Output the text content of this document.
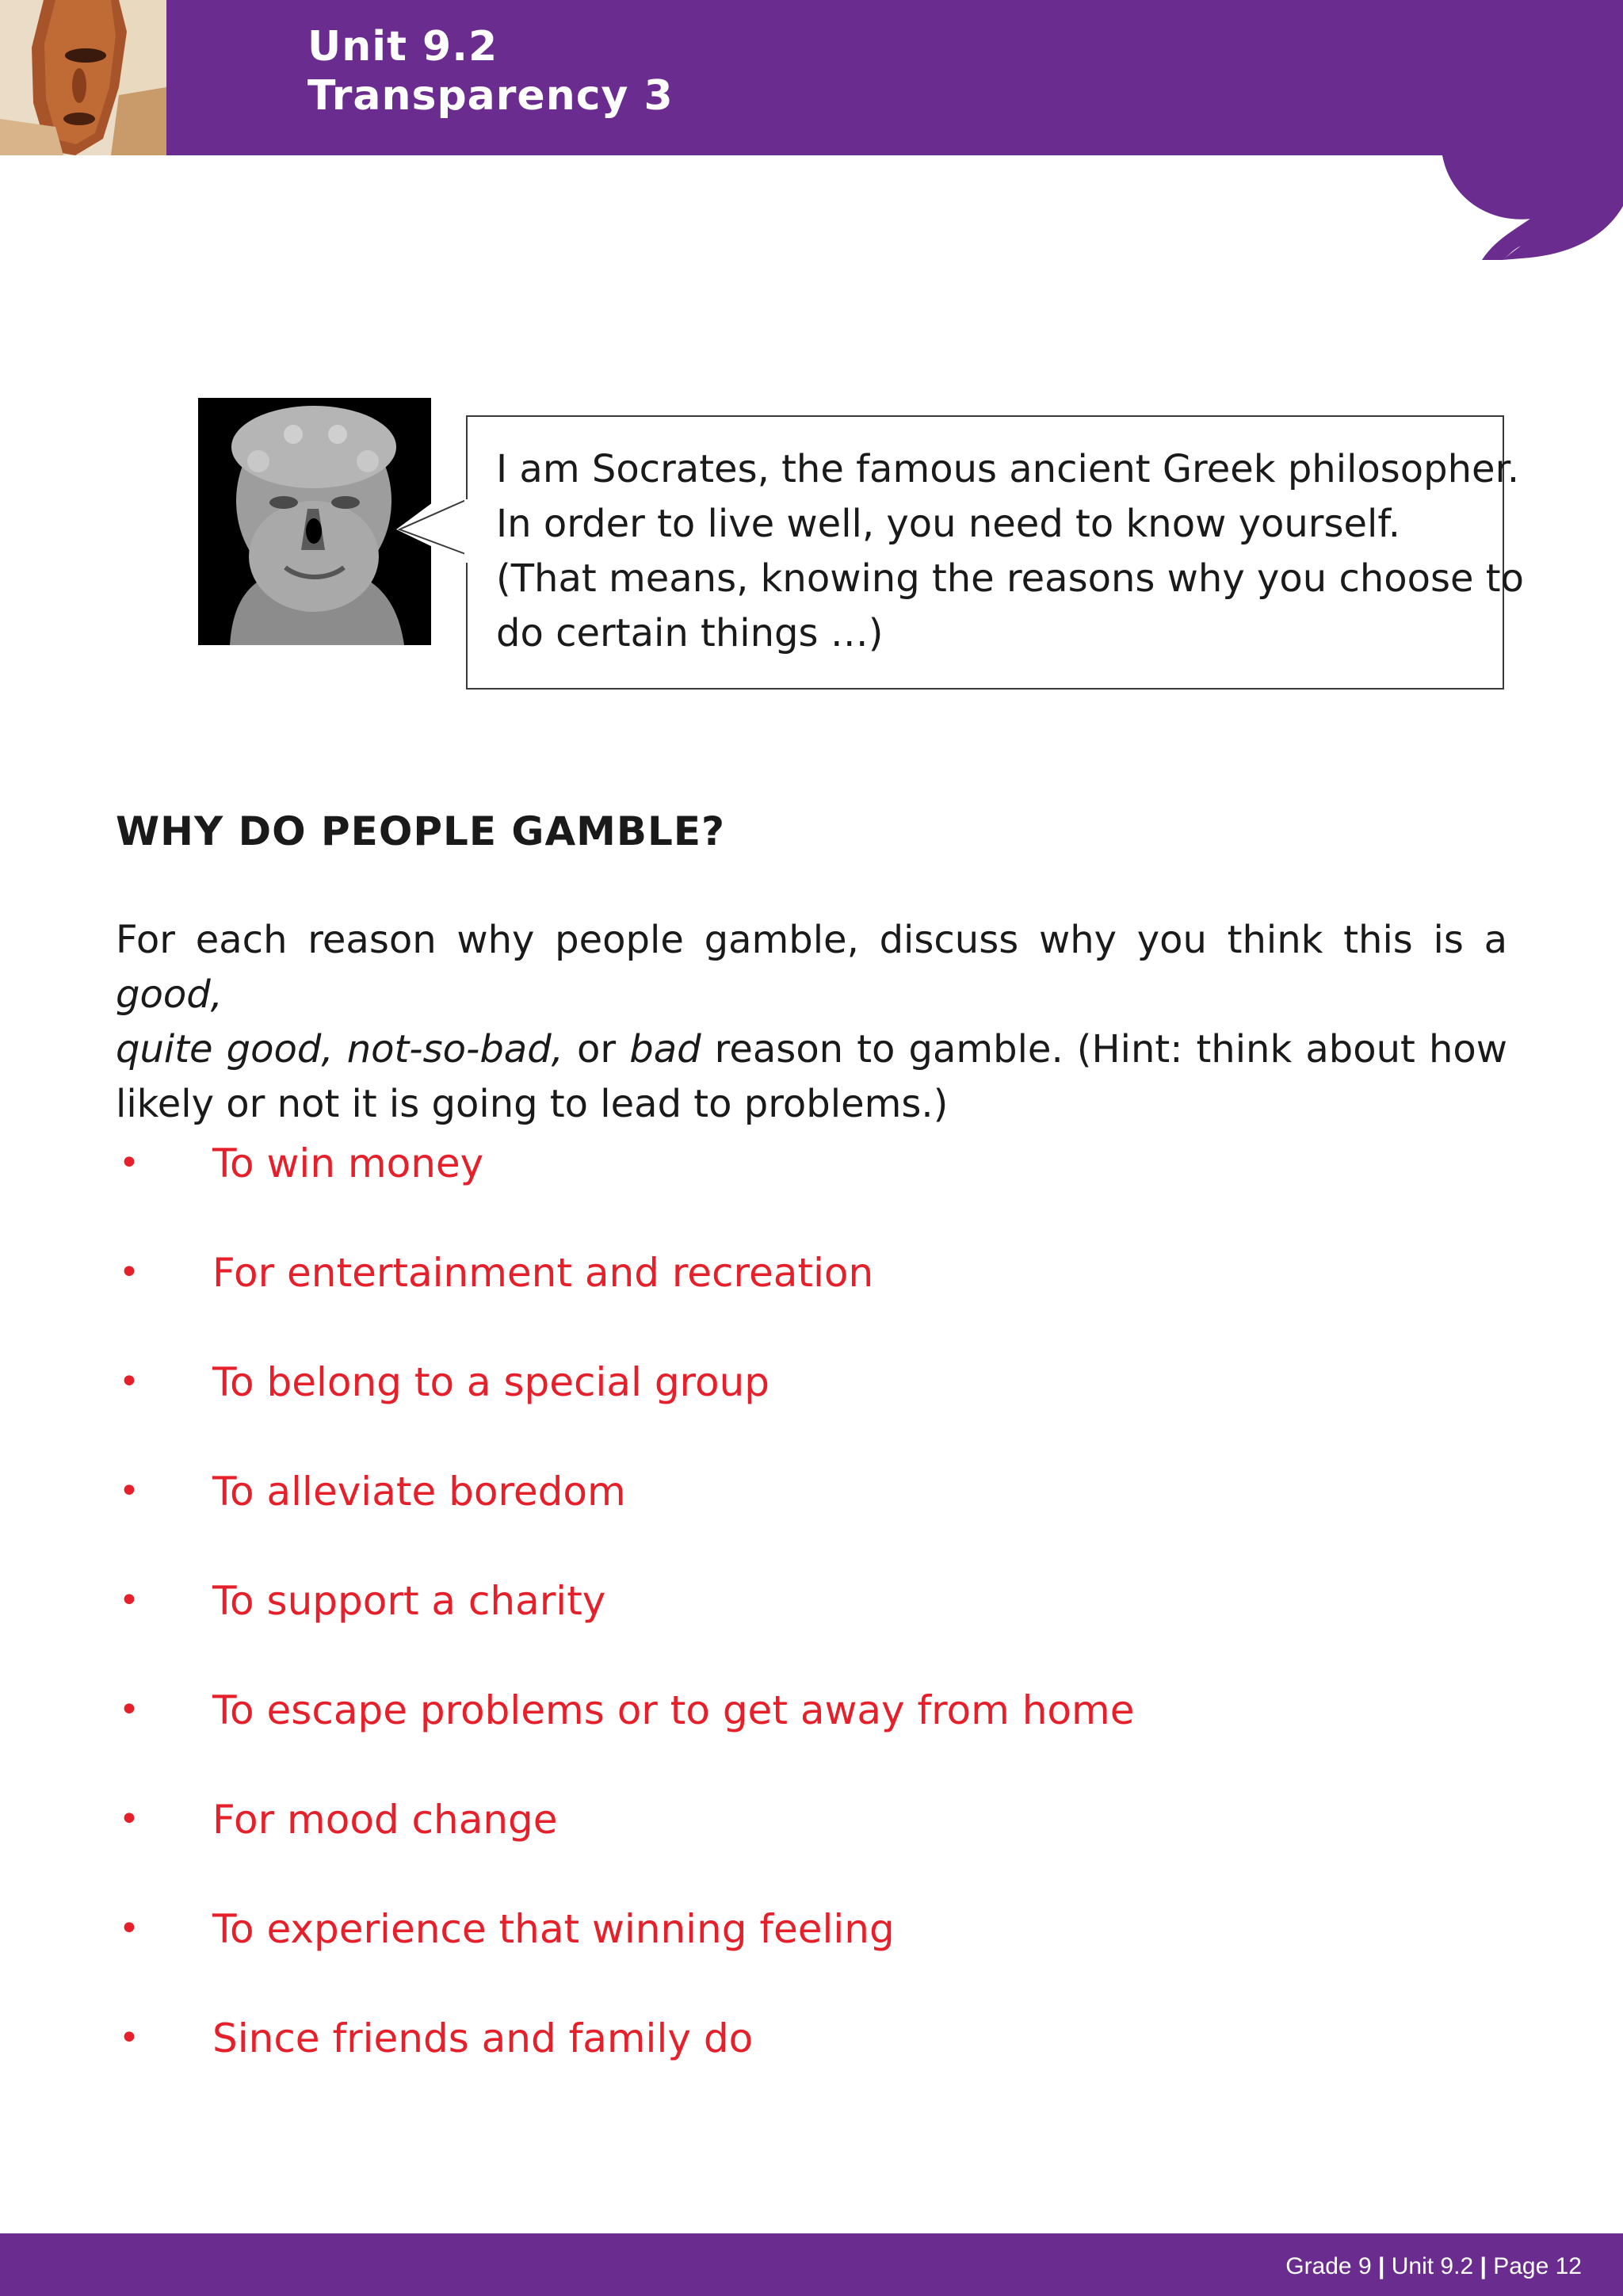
Unit 9.2
Transparency 3

I am Socrates, the famous ancient Greek philosopher.
In order to live well, you need to know yourself.
(That means, knowing the reasons why you choose to
do certain things …)

WHY DO PEOPLE GAMBLE?

For each reason why people gamble, discuss why you think this is a good,
quite good, not-so-bad, or bad reason to gamble. (Hint: think about how
likely or not it is going to lead to problems.)

• To win money
• For entertainment and recreation
• To belong to a special group
• To alleviate boredom
• To support a charity
• To escape problems or to get away from home
• For mood change
• To experience that winning feeling
• Since friends and family do

Grade 9 | Unit 9.2 | Page 12
